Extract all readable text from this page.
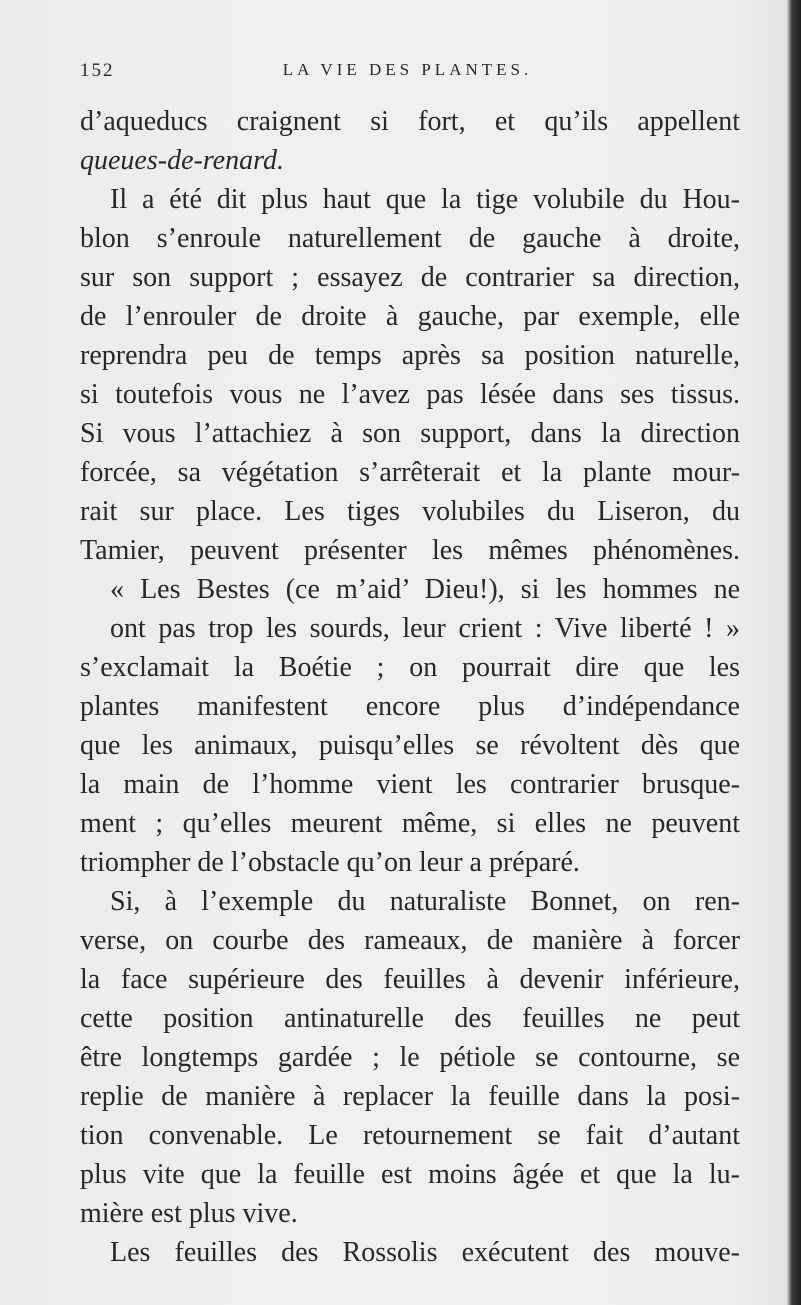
152	LA VIE DES PLANTES.
d’aqueducs craignent si fort, et qu’ils appellent
queues-de-renard.
Il a été dit plus haut que la tige volubile du Hou-
blon s’enroule naturellement de gauche à droite,
sur son support ; essayez de contrarier sa direction,
de l’enrouler de droite à gauche, par exemple, elle
reprendra peu de temps après sa position naturelle,
si toutefois vous ne l’avez pas lésée dans ses tissus.
Si vous l’attachiez à son support, dans la direction
forcée, sa végétation s’arrêterait et la plante mour-
rait sur place. Les tiges volubiles du Liseron, du
Tamier, peuvent présenter les mêmes phénomènes.
« Les Bestes (ce m’aid’ Dieu!), si les hommes ne
ont pas trop les sourds, leur crient : Vive liberté ! »
s’exclamait la Boétie ; on pourrait dire que les
plantes manifestent encore plus d’indépendance
que les animaux, puisqu’elles se révoltent dès que
la main de l’homme vient les contrarier brusque-
ment ; qu’elles meurent même, si elles ne peuvent
triompher de l’obstacle qu’on leur a préparé.
Si, à l’exemple du naturaliste Bonnet, on ren-
verse, on courbe des rameaux, de manière à forcer
la face supérieure des feuilles à devenir inférieure,
cette position antinaturelle des feuilles ne peut
être longtemps gardée ; le pétiole se contourne, se
replie de manière à replacer la feuille dans la posi-
tion convenable. Le retournement se fait d’autant
plus vite que la feuille est moins âgée et que la lu-
mière est plus vive.
Les feuilles des Rossolis exécutent des mouve-
